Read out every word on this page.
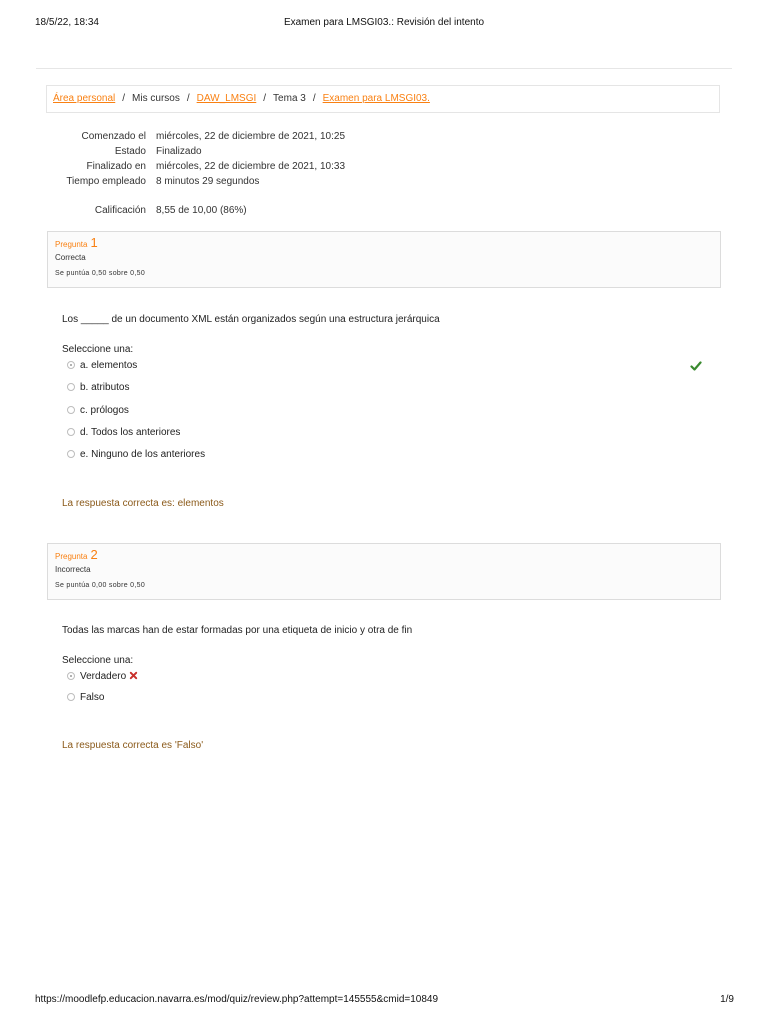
18/5/22, 18:34	Examen para LMSGI03.: Revisión del intento
Área personal / Mis cursos / DAW_LMSGI / Tema 3 / Examen para LMSGI03.
Comenzado el miércoles, 22 de diciembre de 2021, 10:25
Estado Finalizado
Finalizado en miércoles, 22 de diciembre de 2021, 10:33
Tiempo empleado 8 minutos 29 segundos
Calificación 8,55 de 10,00 (86%)
Pregunta 1
Correcta
Se puntúa 0,50 sobre 0,50
Los _____ de un documento XML están organizados según una estructura jerárquica
Seleccione una:
a. elementos
b. atributos
c. prólogos
d. Todos los anteriores
e. Ninguno de los anteriores
La respuesta correcta es: elementos
Pregunta 2
Incorrecta
Se puntúa 0,00 sobre 0,50
Todas las marcas han de estar formadas por una etiqueta de inicio y otra de fin
Seleccione una:
Verdadero
Falso
La respuesta correcta es 'Falso'
https://moodlefp.educacion.navarra.es/mod/quiz/review.php?attempt=145555&cmid=10849	1/9
